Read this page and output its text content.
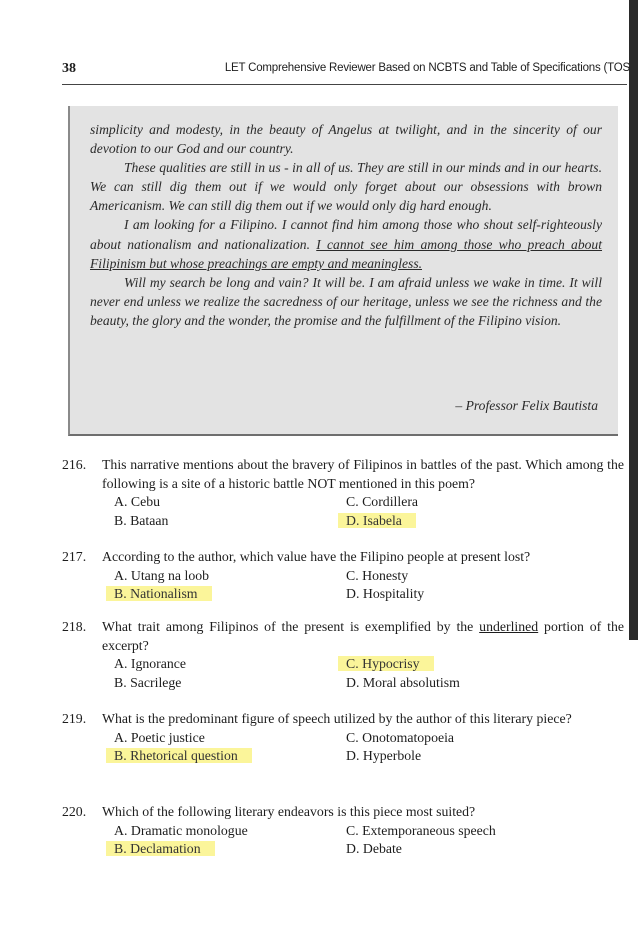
38	LET Comprehensive Reviewer Based on NCBTS and Table of Specifications (TOS

simplicity and modesty, in the beauty of Angelus at twilight, and in the sincerity of our devotion to our God and our country.

These qualities are still in us - in all of us. They are still in our minds and in our hearts. We can still dig them out if we would only forget about our obsessions with brown Americanism. We can still dig them out if we would only dig hard enough.

I am looking for a Filipino. I cannot find him among those who shout self-righteously about nationalism and nationalization. I cannot see him among those who preach about Filipinism but whose preachings are empty and meaningless.

Will my search be long and vain? It will be. I am afraid unless we wake in time. It will never end unless we realize the sacredness of our heritage, unless we see the richness and the beauty, the glory and the wonder, the promise and the fulfillment of the Filipino vision.

– Professor Felix Bautista
216.	This narrative mentions about the bravery of Filipinos in battles of the past. Which among the following is a site of a historic battle NOT mentioned in this poem?
A. Cebu	C. Cordillera
B. Bataan	D. Isabela
217.	According to the author, which value have the Filipino people at present lost?
A. Utang na loob	C. Honesty
B. Nationalism	D. Hospitality
218.	What trait among Filipinos of the present is exemplified by the underlined portion of the excerpt?
A. Ignorance	C. Hypocrisy
B. Sacrilege	D. Moral absolutism
219.	What is the predominant figure of speech utilized by the author of this literary piece?
A. Poetic justice	C. Onotomatopoeia
B. Rhetorical question	D. Hyperbole
220.	Which of the following literary endeavors is this piece most suited?
A. Dramatic monologue	C. Extemporaneous speech
B. Declamation	D. Debate
